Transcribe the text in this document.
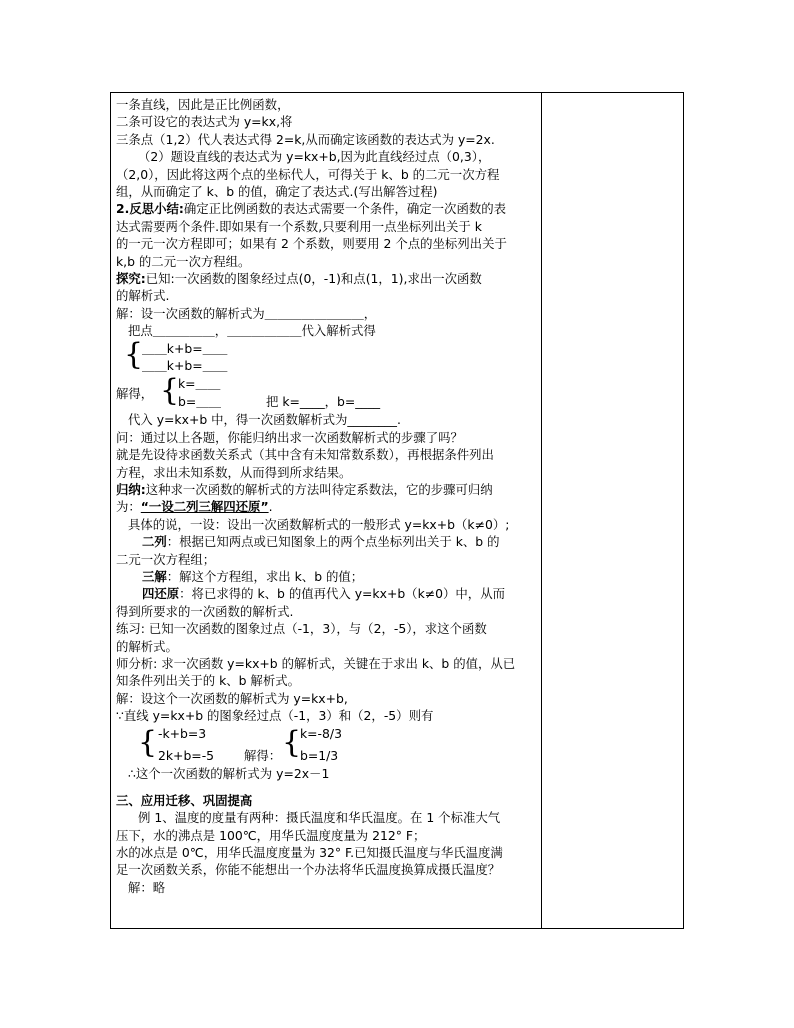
一条直线，因此是正比例函数，
二条可设它的表达式为 y=kx,将
三条点（1,2）代人表达式得 2=k,从而确定该函数的表达式为 y=2x.
（2）题设直线的表达式为 y=kx+b,因为此直线经过点（0,3），
（2,0），因此将这两个点的坐标代人，可得关于 k、b 的二元一次方程
组，从而确定了 k、b 的值，确定了表达式.(写出解答过程)
2.反思小结:确定正比例函数的表达式需要一个条件，确定一次函数的表
达式需要两个条件.即如果有一个系数,只要利用一点坐标列出关于 k
的一元一次方程即可；如果有 2 个系数，则要用 2 个点的坐标列出关于
k,b 的二元一次方程组。
探究:已知:一次函数的图象经过点(0，-1)和点(1，1),求出一次函数
的解析式.
解：设一次函数的解析式为＿＿＿＿＿＿＿＿，
把点＿＿＿＿＿，＿＿＿＿＿＿代入解析式得
{
＿＿k+b=＿＿
＿＿k+b=＿＿
解得， {
k=＿＿
b=＿＿	把 k=____，b=____
代入 y=kx+b 中，得一次函数解析式为________.
问：通过以上各题，你能归纳出求一次函数解析式的步骤了吗？
就是先设待求函数关系式（其中含有未知常数系数），再根据条件列出
方程，求出未知系数，从而得到所求结果。
归纳:这种求一次函数的解析式的方法叫待定系数法，它的步骤可归纳
为：“一设二列三解四还原”.
具体的说，一设：设出一次函数解析式的一般形式 y=kx+b（k≠0）;
二列：根据已知两点或已知图象上的两个点坐标列出关于 k、b 的
二元一次方程组；
三解：解这个方程组，求出 k、b 的值；
四还原：将已求得的 k、b 的值再代入 y=kx+b（k≠0）中，从而
得到所要求的一次函数的解析式.
练习: 已知一次函数的图象过点（-1，3），与（2，-5），求这个函数
的解析式。
师分析: 求一次函数 y=kx+b 的解析式，关键在于求出 k、b 的值，从已
知条件列出关于的 k、b 解析式。
解：设这个一次函数的解析式为 y=kx+b,
∵直线 y=kx+b 的图象经过点（-1，3）和（2，-5）则有
{ -k+b=3
2k+b=-5 解得： {
k=-8/3
b=1/3
∴这个一次函数的解析式为 y=2x－1
三、应用迁移、巩固提高
例 1、温度的度量有两种：摄氏温度和华氏温度。在 1 个标准大气
压下，水的沸点是 100℃，用华氏温度度量为 212° F；
水的冰点是 0℃，用华氏温度度量为 32° F.已知摄氏温度与华氏温度满
足一次函数关系，你能不能想出一个办法将华氏温度换算成摄氏温度？
解：略
